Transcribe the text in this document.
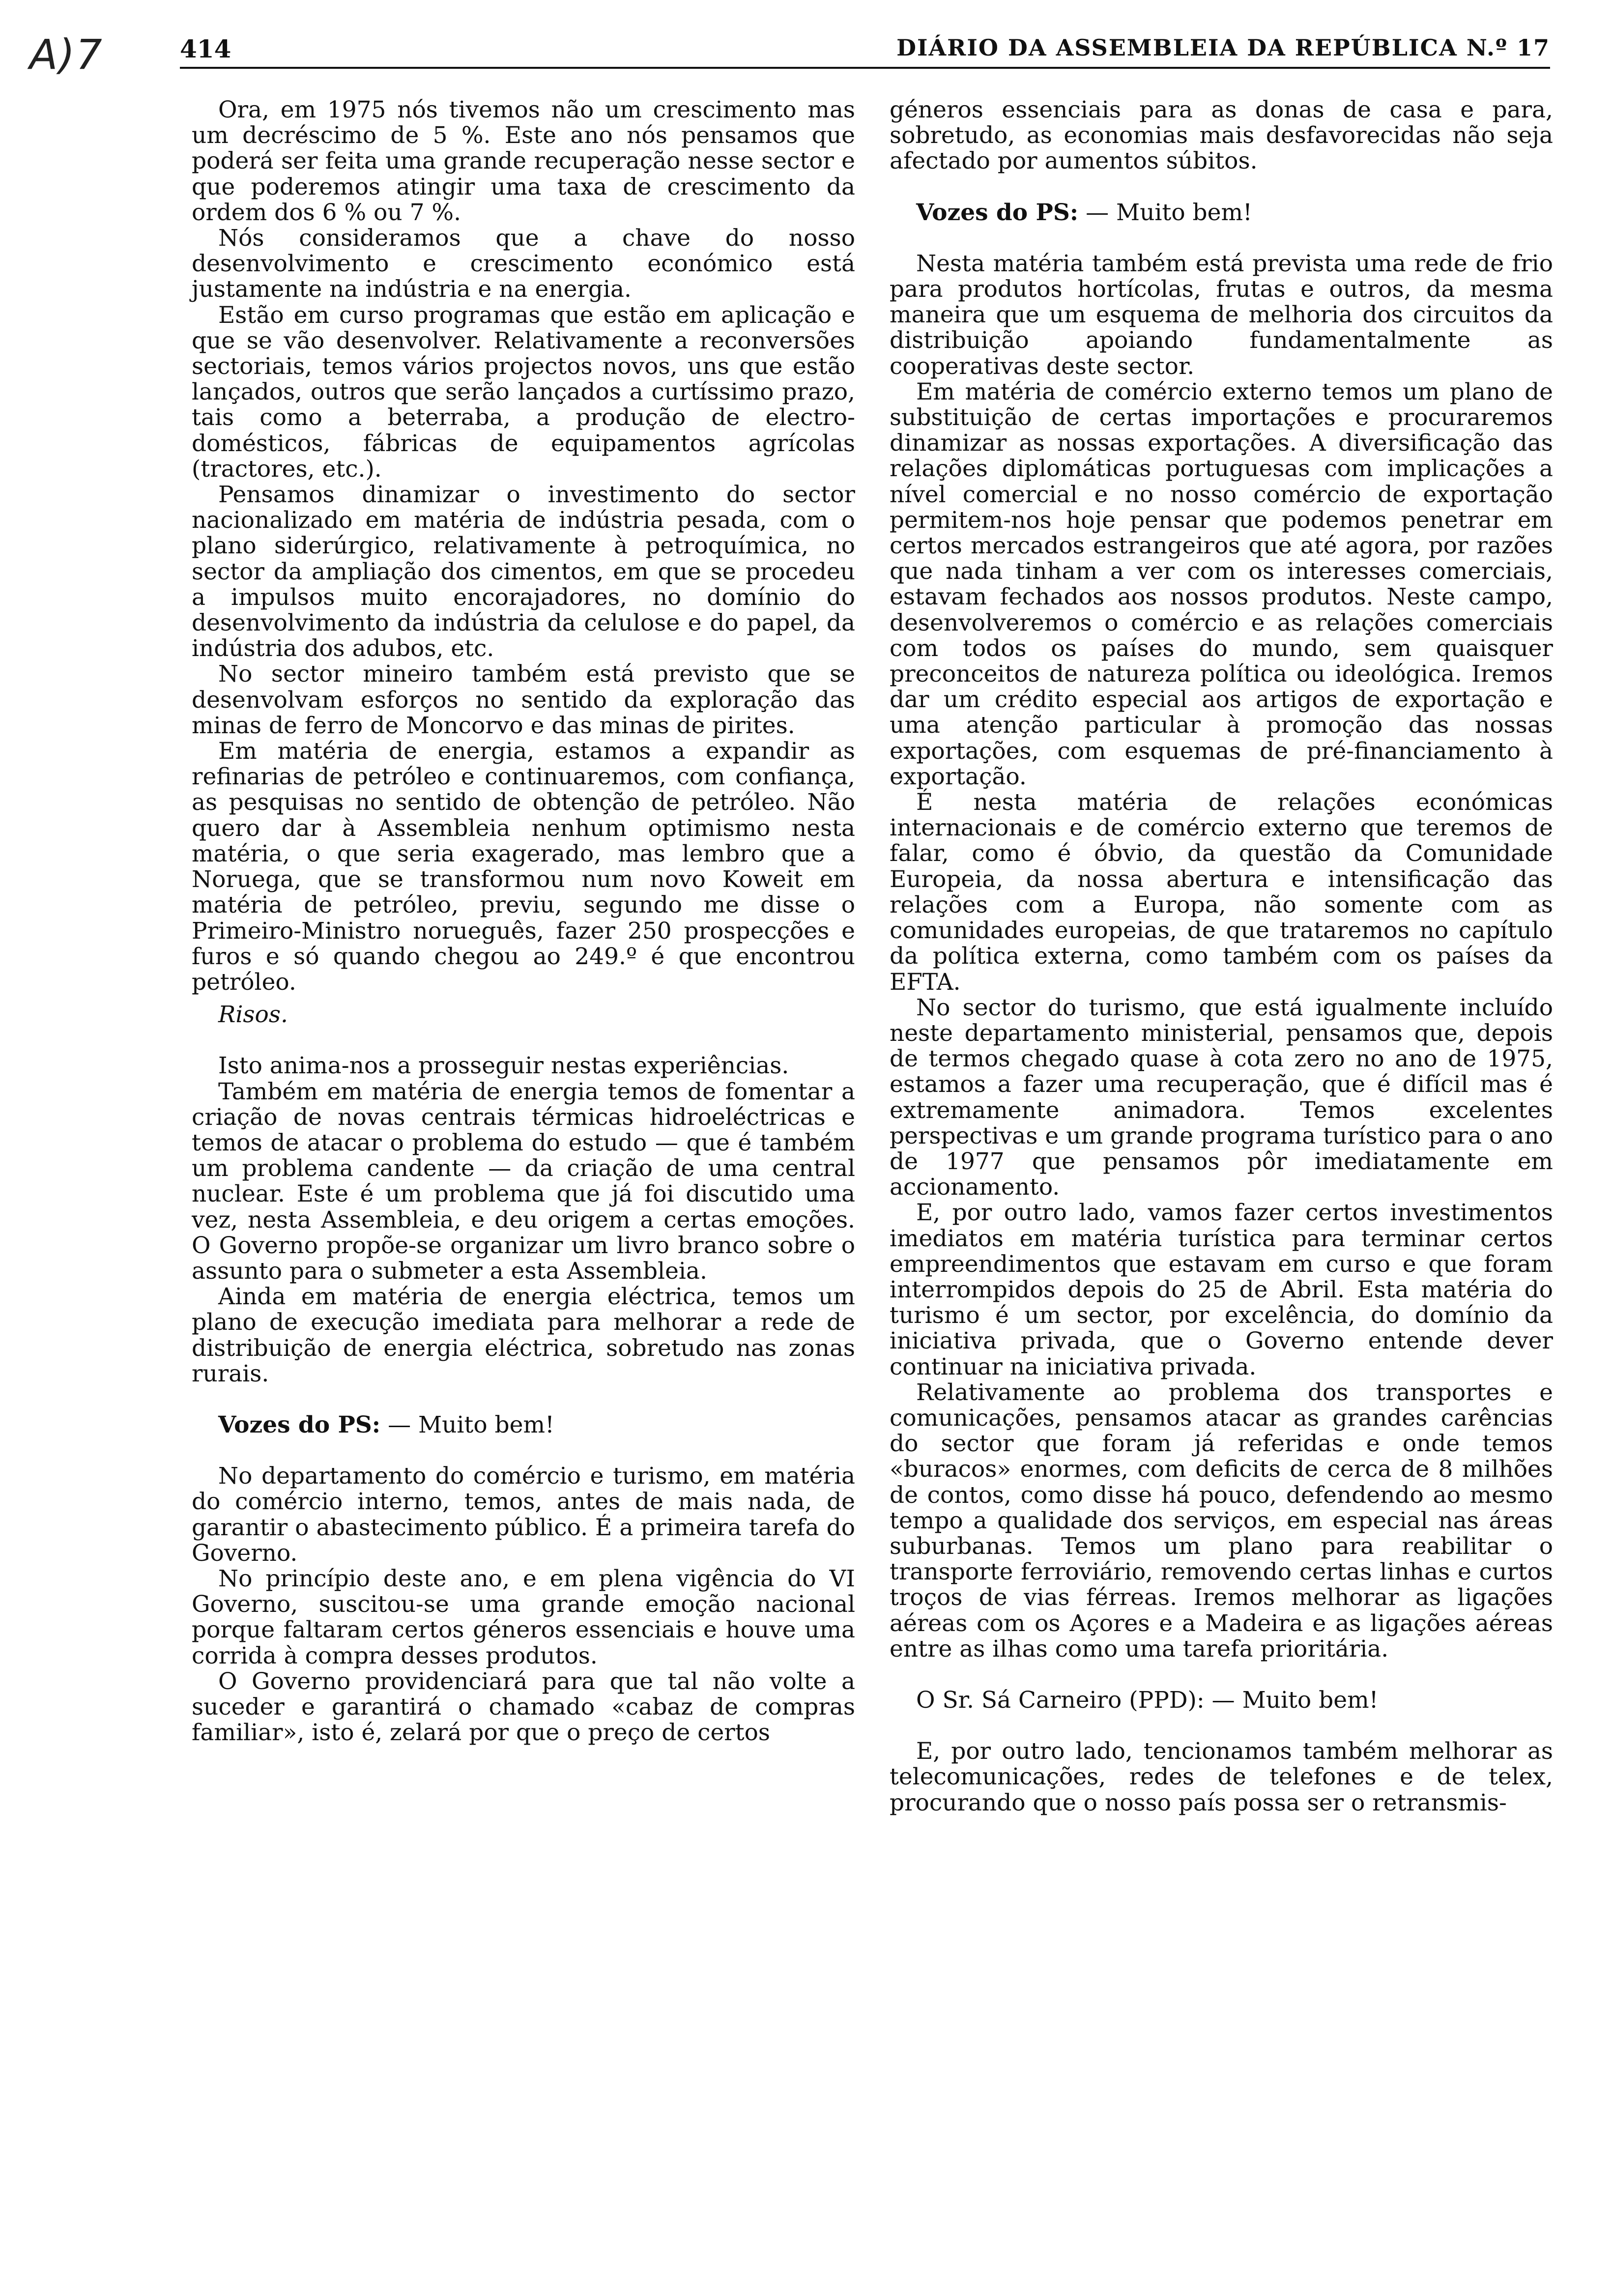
A)7	414	DIÁRIO DA ASSEMBLEIA DA REPÚBLICA N.º 17

Ora, em 1975 nós tivemos não um crescimento mas um decréscimo de 5 %. Este ano nós pensamos que poderá ser feita uma grande recuperação nesse sector e que poderemos atingir uma taxa de crescimento da ordem dos 6 % ou 7 %.

Nós consideramos que a chave do nosso desenvolvimento e crescimento económico está justamente na indústria e na energia.

Estão em curso programas que estão em aplicação e que se vão desenvolver. Relativamente a reconversões sectoriais, temos vários projectos novos, uns que estão lançados, outros que serão lançados a curtíssimo prazo, tais como a beterraba, a produção de electro-domésticos, fábricas de equipamentos agrícolas (tractores, etc.).

Pensamos dinamizar o investimento do sector nacionalizado em matéria de indústria pesada, com o plano siderúrgico, relativamente à petroquímica, no sector da ampliação dos cimentos, em que se procedeu a impulsos muito encorajadores, no domínio do desenvolvimento da indústria da celulose e do papel, da indústria dos adubos, etc.

No sector mineiro também está previsto que se desenvolvam esforços no sentido da exploração das minas de ferro de Moncorvo e das minas de pirites.

Em matéria de energia, estamos a expandir as refinarias de petróleo e continuaremos, com confiança, as pesquisas no sentido de obtenção de petróleo. Não quero dar à Assembleia nenhum optimismo nesta matéria, o que seria exagerado, mas lembro que a Noruega, que se transformou num novo Koweit em matéria de petróleo, previu, segundo me disse o Primeiro-Ministro norueguês, fazer 250 prospecções e furos e só quando chegou ao 249.º é que encontrou petróleo.

Risos.

Isto anima-nos a prosseguir nestas experiências.

Também em matéria de energia temos de fomentar a criação de novas centrais térmicas hidroeléctricas e temos de atacar o problema do estudo — que é também um problema candente — da criação de uma central nuclear. Este é um problema que já foi discutido uma vez, nesta Assembleia, e deu origem a certas emoções. O Governo propõe-se organizar um livro branco sobre o assunto para o submeter a esta Assembleia.

Ainda em matéria de energia eléctrica, temos um plano de execução imediata para melhorar a rede de distribuição de energia eléctrica, sobretudo nas zonas rurais.

Vozes do PS: — Muito bem!

No departamento do comércio e turismo, em matéria do comércio interno, temos, antes de mais nada, de garantir o abastecimento público. É a primeira tarefa do Governo.

No princípio deste ano, e em plena vigência do VI Governo, suscitou-se uma grande emoção nacional porque faltaram certos géneros essenciais e houve uma corrida à compra desses produtos.

O Governo providenciará para que tal não volte a suceder e garantirá o chamado «cabaz de compras familiar», isto é, zelará por que o preço de certos

géneros essenciais para as donas de casa e para, sobretudo, as economias mais desfavorecidas não seja afectado por aumentos súbitos.

Vozes do PS: — Muito bem!

Nesta matéria também está prevista uma rede de frio para produtos hortícolas, frutas e outros, da mesma maneira que um esquema de melhoria dos circuitos da distribuição apoiando fundamentalmente as cooperativas deste sector.

Em matéria de comércio externo temos um plano de substituição de certas importações e procuraremos dinamizar as nossas exportações. A diversificação das relações diplomáticas portuguesas com implicações a nível comercial e no nosso comércio de exportação permitem-nos hoje pensar que podemos penetrar em certos mercados estrangeiros que até agora, por razões que nada tinham a ver com os interesses comerciais, estavam fechados aos nossos produtos. Neste campo, desenvolveremos o comércio e as relações comerciais com todos os países do mundo, sem quaisquer preconceitos de natureza política ou ideológica. Iremos dar um crédito especial aos artigos de exportação e uma atenção particular à promoção das nossas exportações, com esquemas de pré-financiamento à exportação.

É nesta matéria de relações económicas internacionais e de comércio externo que teremos de falar, como é óbvio, da questão da Comunidade Europeia, da nossa abertura e intensificação das relações com a Europa, não somente com as comunidades europeias, de que trataremos no capítulo da política externa, como também com os países da EFTA.

No sector do turismo, que está igualmente incluído neste departamento ministerial, pensamos que, depois de termos chegado quase à cota zero no ano de 1975, estamos a fazer uma recuperação, que é difícil mas é extremamente animadora. Temos excelentes perspectivas e um grande programa turístico para o ano de 1977 que pensamos pôr imediatamente em accionamento.

E, por outro lado, vamos fazer certos investimentos imediatos em matéria turística para terminar certos empreendimentos que estavam em curso e que foram interrompidos depois do 25 de Abril. Esta matéria do turismo é um sector, por excelência, do domínio da iniciativa privada, que o Governo entende dever continuar na iniciativa privada.

Relativamente ao problema dos transportes e comunicações, pensamos atacar as grandes carências do sector que foram já referidas e onde temos «buracos» enormes, com deficits de cerca de 8 milhões de contos, como disse há pouco, defendendo ao mesmo tempo a qualidade dos serviços, em especial nas áreas suburbanas. Temos um plano para reabilitar o transporte ferroviário, removendo certas linhas e curtos troços de vias férreas. Iremos melhorar as ligações aéreas com os Açores e a Madeira e as ligações aéreas entre as ilhas como uma tarefa prioritária.

O Sr. Sá Carneiro (PPD): — Muito bem!

E, por outro lado, tencionamos também melhorar as telecomunicações, redes de telefones e de telex, procurando que o nosso país possa ser o retransmis-
